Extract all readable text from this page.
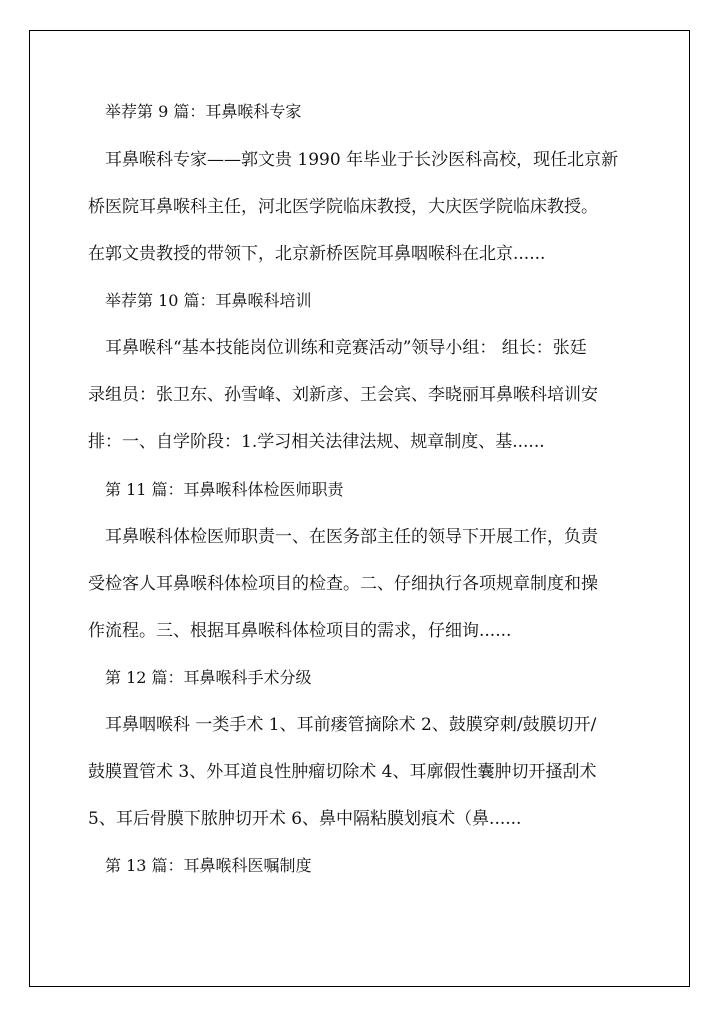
举荐第 9 篇：耳鼻喉科专家
耳鼻喉科专家——郭文贵 1990 年毕业于长沙医科高校，现任北京新
桥医院耳鼻喉科主任，河北医学院临床教授，大庆医学院临床教授。
在郭文贵教授的带领下，北京新桥医院耳鼻咽喉科在北京......
举荐第 10 篇：耳鼻喉科培训
耳鼻喉科“基本技能岗位训练和竞赛活动”领导小组： 组长：张廷
录组员：张卫东、孙雪峰、刘新彦、王会宾、李晓丽耳鼻喉科培训安
排：一、自学阶段：1.学习相关法律法规、规章制度、基......
第 11 篇：耳鼻喉科体检医师职责
耳鼻喉科体检医师职责一、在医务部主任的领导下开展工作，负责
受检客人耳鼻喉科体检项目的检查。二、仔细执行各项规章制度和操
作流程。三、根据耳鼻喉科体检项目的需求，仔细询......
第 12 篇：耳鼻喉科手术分级
耳鼻咽喉科 一类手术 1、耳前瘘管摘除术 2、鼓膜穿刺/鼓膜切开/
鼓膜置管术 3、外耳道良性肿瘤切除术 4、耳廓假性囊肿切开搔刮术
5、耳后骨膜下脓肿切开术 6、鼻中隔粘膜划痕术（鼻......
第 13 篇：耳鼻喉科医嘱制度
